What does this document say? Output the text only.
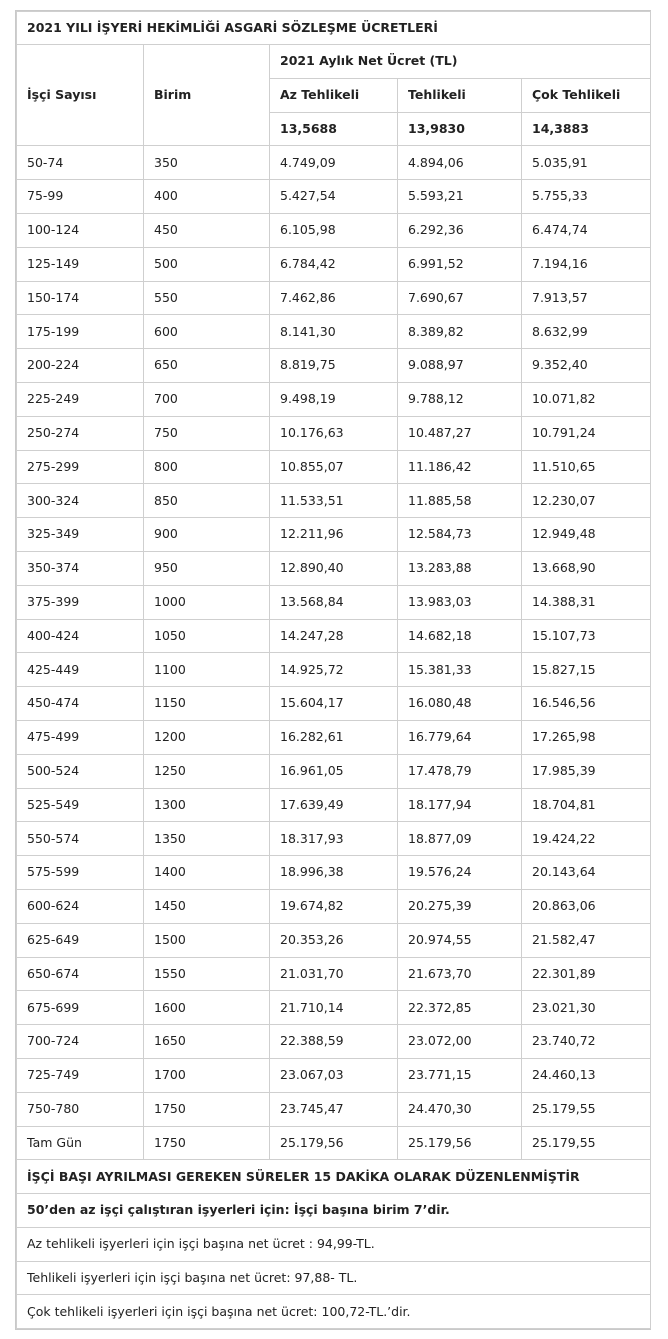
2021 YILI İŞYERİ HEKİMLİĞİ ASGARİ SÖZLEŞME ÜCRETLERİ				
İşçi Sayısı	Birim	2021 Aylık Net Ücret (TL)		
		Az Tehlikeli	Tehlikeli	Çok Tehlikeli
		13,5688	13,9830	14,3883
50-74	350	4.749,09	4.894,06	5.035,91
75-99	400	5.427,54	5.593,21	5.755,33
100-124	450	6.105,98	6.292,36	6.474,74
125-149	500	6.784,42	6.991,52	7.194,16
150-174	550	7.462,86	7.690,67	7.913,57
175-199	600	8.141,30	8.389,82	8.632,99
200-224	650	8.819,75	9.088,97	9.352,40
225-249	700	9.498,19	9.788,12	10.071,82
250-274	750	10.176,63	10.487,27	10.791,24
275-299	800	10.855,07	11.186,42	11.510,65
300-324	850	11.533,51	11.885,58	12.230,07
325-349	900	12.211,96	12.584,73	12.949,48
350-374	950	12.890,40	13.283,88	13.668,90
375-399	1000	13.568,84	13.983,03	14.388,31
400-424	1050	14.247,28	14.682,18	15.107,73
425-449	1100	14.925,72	15.381,33	15.827,15
450-474	1150	15.604,17	16.080,48	16.546,56
475-499	1200	16.282,61	16.779,64	17.265,98
500-524	1250	16.961,05	17.478,79	17.985,39
525-549	1300	17.639,49	18.177,94	18.704,81
550-574	1350	18.317,93	18.877,09	19.424,22
575-599	1400	18.996,38	19.576,24	20.143,64
600-624	1450	19.674,82	20.275,39	20.863,06
625-649	1500	20.353,26	20.974,55	21.582,47
650-674	1550	21.031,70	21.673,70	22.301,89
675-699	1600	21.710,14	22.372,85	23.021,30
700-724	1650	22.388,59	23.072,00	23.740,72
725-749	1700	23.067,03	23.771,15	24.460,13
750-780	1750	23.745,47	24.470,30	25.179,55
Tam Gün	1750	25.179,56	25.179,56	25.179,55
İŞÇİ BAŞI AYRILMASI GEREKEN SÜRELER 15 DAKİKA OLARAK DÜZENLENMİŞTİR				
50’den az işçi çalıştıran işyerleri için: İşçi başına birim 7’dir.				
Az tehlikeli işyerleri için işçi başına net ücret : 94,99-TL.				
Tehlikeli işyerleri için işçi başına net ücret: 97,88- TL.				
Çok tehlikeli işyerleri için işçi başına net ücret: 100,72-TL.’dir.				
